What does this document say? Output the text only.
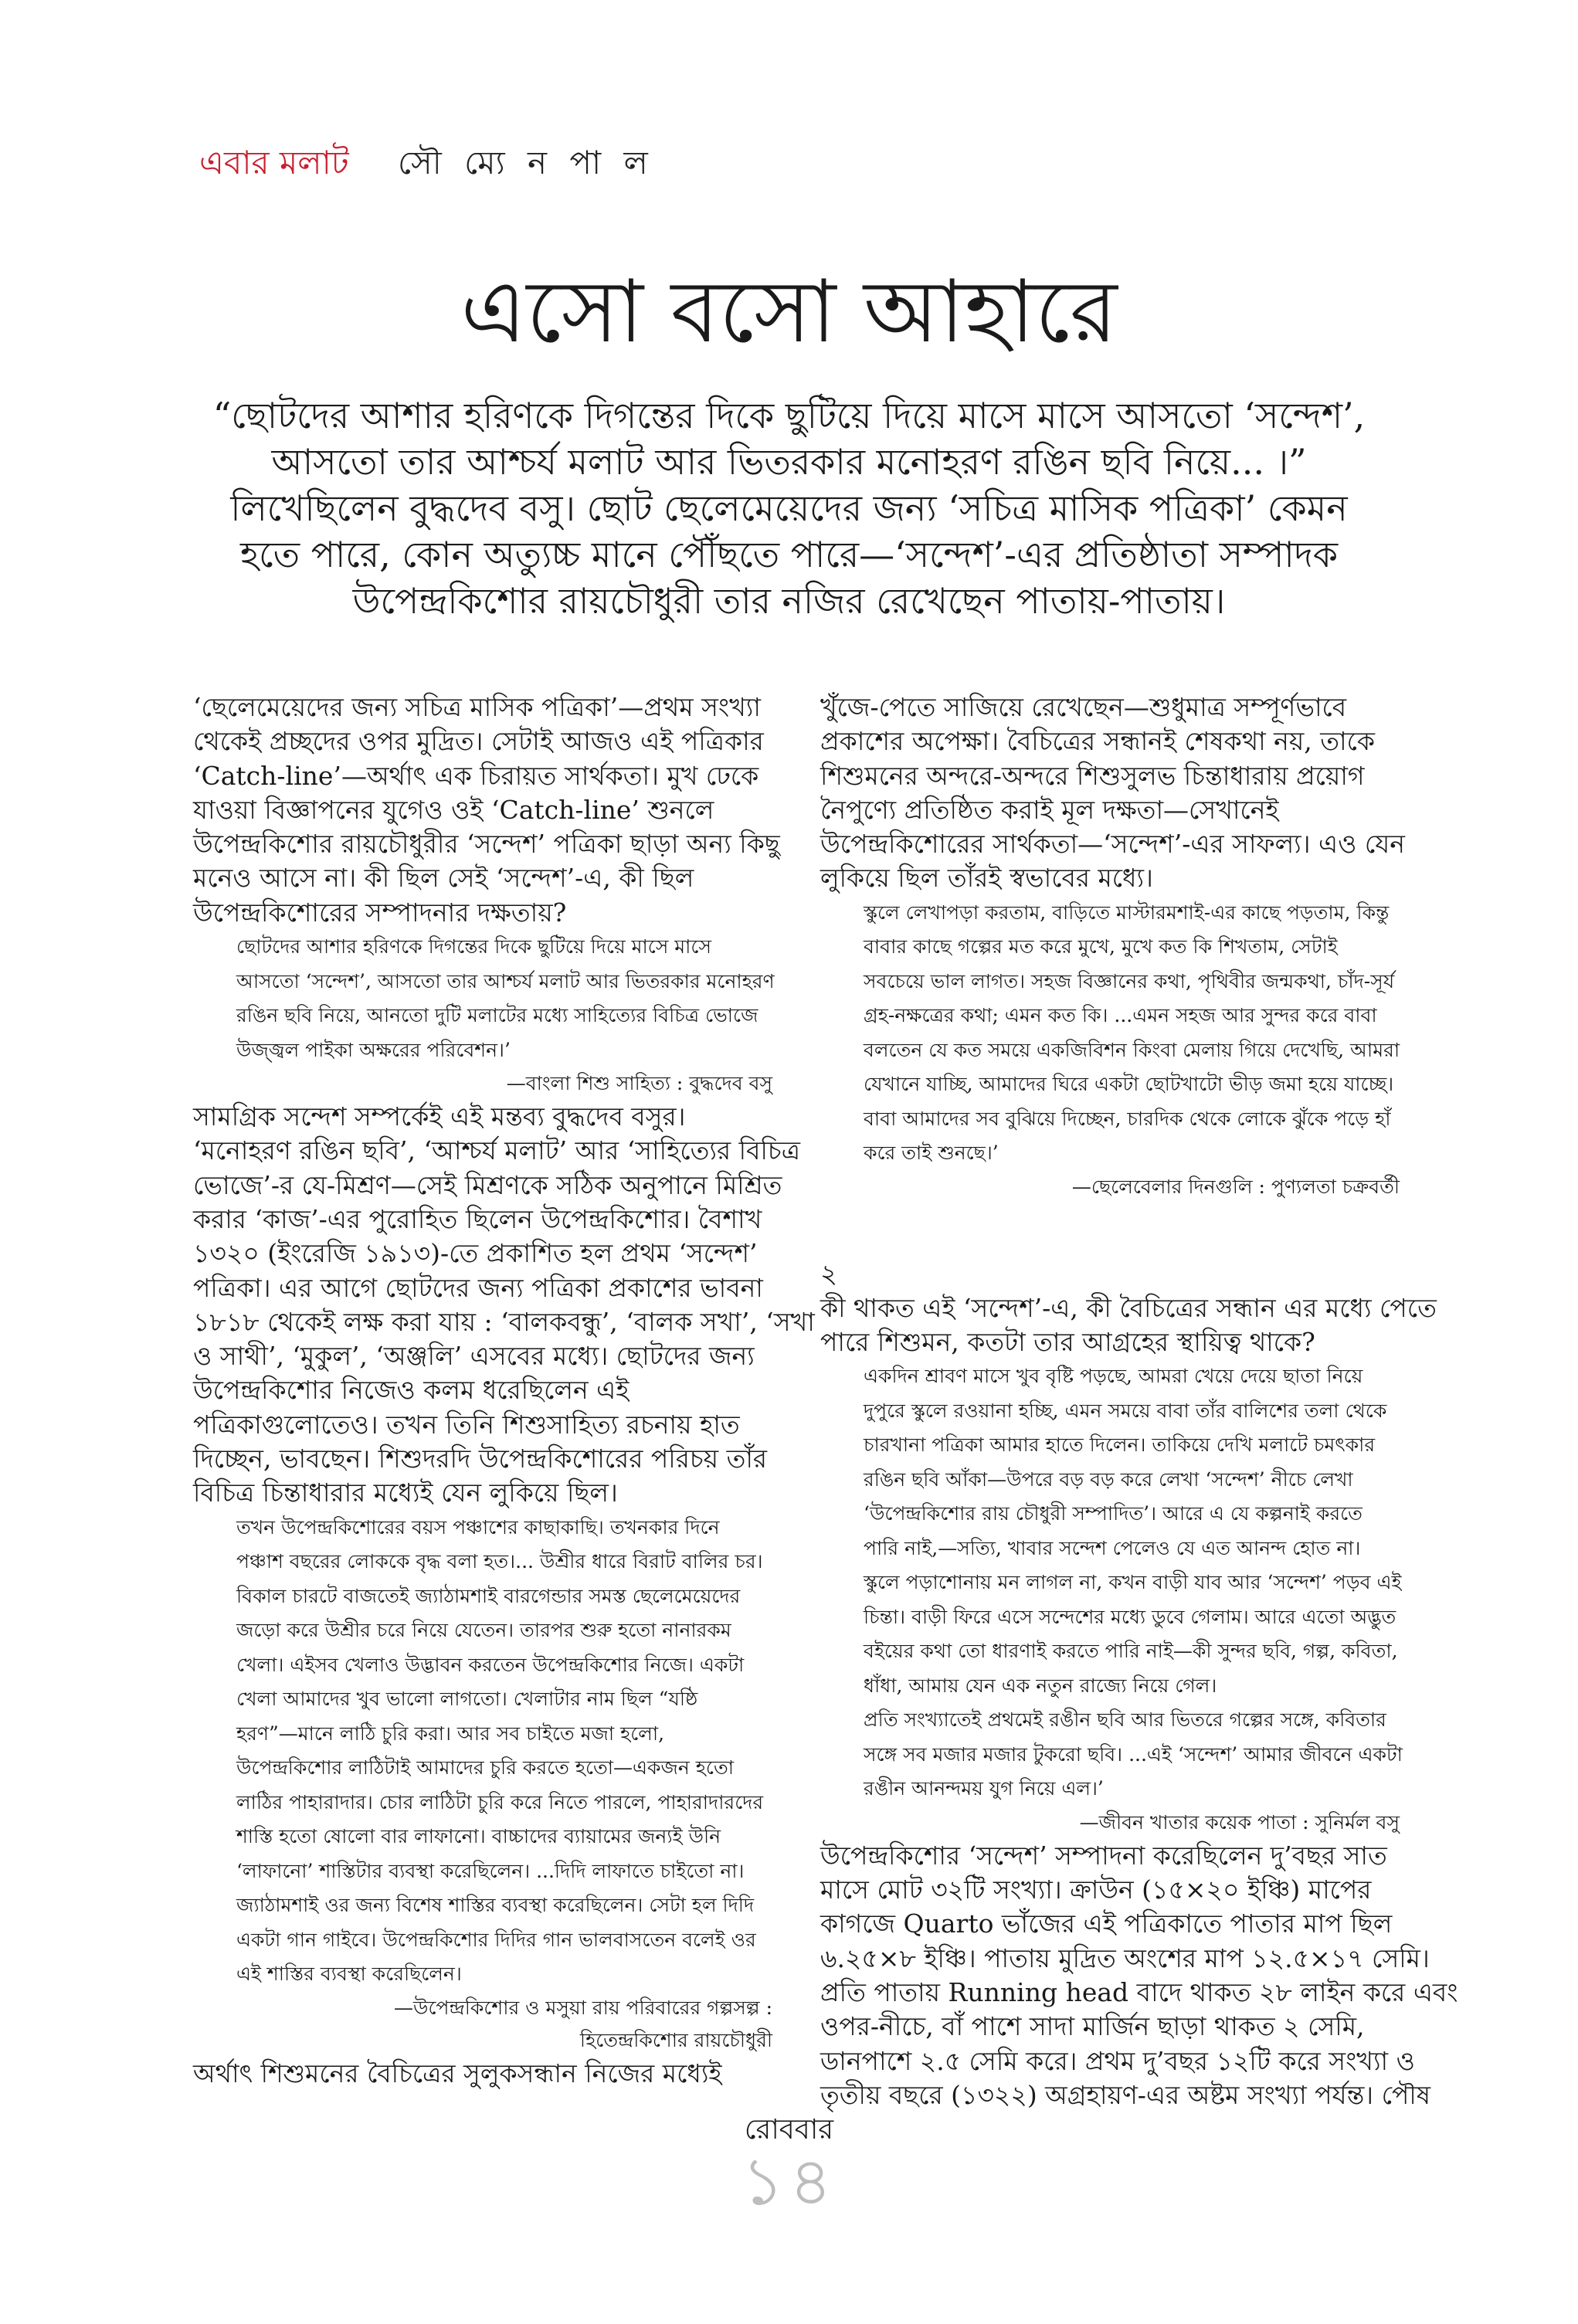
এবার মলাট সৌ ম্যে ন পা ল
এসো বসো আহারে
“ছোটদের আশার হরিণকে দিগন্তের দিকে ছুটিয়ে দিয়ে মাসে মাসে আসতো ‘সন্দেশ’,
আসতো তার আশ্চর্য মলাট আর ভিতরকার মনোহরণ রঙিন ছবি নিয়ে... ।”
লিখেছিলেন বুদ্ধদেব বসু। ছোট ছেলেমেয়েদের জন্য ‘সচিত্র মাসিক পত্রিকা’ কেমন
হতে পারে, কোন অত্যুচ্চ মানে পৌঁছতে পারে—‘সন্দেশ’-এর প্রতিষ্ঠাতা সম্পাদক
উপেন্দ্রকিশোর রায়চৌধুরী তার নজির রেখেছেন পাতায়-পাতায়।
‘ছেলেমেয়েদের জন্য সচিত্র মাসিক পত্রিকা’—প্রথম সংখ্যা
থেকেই প্রচ্ছদের ওপর মুদ্রিত। সেটাই আজও এই পত্রিকার
‘Catch-line’—অর্থাৎ এক চিরায়ত সার্থকতা। মুখ ঢেকে
যাওয়া বিজ্ঞাপনের যুগেও ওই ‘Catch-line’ শুনলে
উপেন্দ্রকিশোর রায়চৌধুরীর ‘সন্দেশ’ পত্রিকা ছাড়া অন্য কিছু
মনেও আসে না। কী ছিল সেই ‘সন্দেশ’-এ, কী ছিল
উপেন্দ্রকিশোরের সম্পাদনার দক্ষতায়?
ছোটদের আশার হরিণকে দিগন্তের দিকে ছুটিয়ে দিয়ে মাসে মাসে
আসতো ‘সন্দেশ’, আসতো তার আশ্চর্য মলাট আর ভিতরকার মনোহরণ
রঙিন ছবি নিয়ে, আনতো দুটি মলাটের মধ্যে সাহিত্যের বিচিত্র ভোজে
উজ্জ্বল পাইকা অক্ষরের পরিবেশন।’
—বাংলা শিশু সাহিত্য : বুদ্ধদেব বসু
সামগ্রিক সন্দেশ সম্পর্কেই এই মন্তব্য বুদ্ধদেব বসুর।
‘মনোহরণ রঙিন ছবি’, ‘আশ্চর্য মলাট’ আর ‘সাহিত্যের বিচিত্র
ভোজে’-র যে-মিশ্রণ—সেই মিশ্রণকে সঠিক অনুপানে মিশ্রিত
করার ‘কাজ’-এর পুরোহিত ছিলেন উপেন্দ্রকিশোর। বৈশাখ
১৩২০ (ইংরেজি ১৯১৩)-তে প্রকাশিত হল প্রথম ‘সন্দেশ’
পত্রিকা। এর আগে ছোটদের জন্য পত্রিকা প্রকাশের ভাবনা
১৮১৮ থেকেই লক্ষ করা যায় : ‘বালকবন্ধু’, ‘বালক সখা’, ‘সখা
ও সাথী’, ‘মুকুল’, ‘অঞ্জলি’ এসবের মধ্যে। ছোটদের জন্য
উপেন্দ্রকিশোর নিজেও কলম ধরেছিলেন এই
পত্রিকাগুলোতেও। তখন তিনি শিশুসাহিত্য রচনায় হাত
দিচ্ছেন, ভাবছেন। শিশুদরদি উপেন্দ্রকিশোরের পরিচয় তাঁর
বিচিত্র চিন্তাধারার মধ্যেই যেন লুকিয়ে ছিল।
তখন উপেন্দ্রকিশোরের বয়স পঞ্চাশের কাছাকাছি। তখনকার দিনে
পঞ্চাশ বছরের লোককে বৃদ্ধ বলা হত।... উশ্রীর ধারে বিরাট বালির চর।
বিকাল চারটে বাজতেই জ্যাঠামশাই বারগেন্ডার সমস্ত ছেলেমেয়েদের
জড়ো করে উশ্রীর চরে নিয়ে যেতেন। তারপর শুরু হতো নানারকম
খেলা। এইসব খেলাও উদ্ভাবন করতেন উপেন্দ্রকিশোর নিজে। একটা
খেলা আমাদের খুব ভালো লাগতো। খেলাটার নাম ছিল “যষ্ঠি
হরণ”—মানে লাঠি চুরি করা। আর সব চাইতে মজা হলো,
উপেন্দ্রকিশোর লাঠিটাই আমাদের চুরি করতে হতো—একজন হতো
লাঠির পাহারাদার। চোর লাঠিটা চুরি করে নিতে পারলে, পাহারাদারদের
শাস্তি হতো ষোলো বার লাফানো। বাচ্চাদের ব্যায়ামের জন্যই উনি
‘লাফানো’ শাস্তিটার ব্যবস্থা করেছিলেন। ...দিদি লাফাতে চাইতো না।
জ্যাঠামশাই ওর জন্য বিশেষ শাস্তির ব্যবস্থা করেছিলেন। সেটা হল দিদি
একটা গান গাইবে। উপেন্দ্রকিশোর দিদির গান ভালবাসতেন বলেই ওর
এই শাস্তির ব্যবস্থা করেছিলেন।
—উপেন্দ্রকিশোর ও মসুয়া রায় পরিবারের গল্পসল্প :
হিতেন্দ্রকিশোর রায়চৌধুরী
অর্থাৎ শিশুমনের বৈচিত্রের সুলুকসন্ধান নিজের মধ্যেই
খুঁজে-পেতে সাজিয়ে রেখেছেন—শুধুমাত্র সম্পূর্ণভাবে
প্রকাশের অপেক্ষা। বৈচিত্রের সন্ধানই শেষকথা নয়, তাকে
শিশুমনের অন্দরে-অন্দরে শিশুসুলভ চিন্তাধারায় প্রয়োগ
নৈপুণ্যে প্রতিষ্ঠিত করাই মূল দক্ষতা—সেখানেই
উপেন্দ্রকিশোরের সার্থকতা—‘সন্দেশ’-এর সাফল্য। এও যেন
লুকিয়ে ছিল তাঁরই স্বভাবের মধ্যে।
স্কুলে লেখাপড়া করতাম, বাড়িতে মাস্টারমশাই-এর কাছে পড়তাম, কিন্তু
বাবার কাছে গল্পের মত করে মুখে, মুখে কত কি শিখতাম, সেটাই
সবচেয়ে ভাল লাগত। সহজ বিজ্ঞানের কথা, পৃথিবীর জন্মকথা, চাঁদ-সূর্য
গ্রহ-নক্ষত্রের কথা; এমন কত কি। ...এমন সহজ আর সুন্দর করে বাবা
বলতেন যে কত সময়ে একজিবিশন কিংবা মেলায় গিয়ে দেখেছি, আমরা
যেখানে যাচ্ছি, আমাদের ঘিরে একটা ছোটখাটো ভীড় জমা হয়ে যাচ্ছে।
বাবা আমাদের সব বুঝিয়ে দিচ্ছেন, চারদিক থেকে লোকে ঝুঁকে পড়ে হাঁ
করে তাই শুনছে।’
—ছেলেবেলার দিনগুলি : পুণ্যলতা চক্রবর্তী
২
কী থাকত এই ‘সন্দেশ’-এ, কী বৈচিত্রের সন্ধান এর মধ্যে পেতে
পারে শিশুমন, কতটা তার আগ্রহের স্থায়িত্ব থাকে?
একদিন শ্রাবণ মাসে খুব বৃষ্টি পড়ছে, আমরা খেয়ে দেয়ে ছাতা নিয়ে
দুপুরে স্কুলে রওয়ানা হচ্ছি, এমন সময়ে বাবা তাঁর বালিশের তলা থেকে
চারখানা পত্রিকা আমার হাতে দিলেন। তাকিয়ে দেখি মলাটে চমৎকার
রঙিন ছবি আঁকা—উপরে বড় বড় করে লেখা ‘সন্দেশ’ নীচে লেখা
‘উপেন্দ্রকিশোর রায় চৌধুরী সম্পাদিত’। আরে এ যে কল্পনাই করতে
পারি নাই,—সত্যি, খাবার সন্দেশ পেলেও যে এত আনন্দ হোত না।
স্কুলে পড়াশোনায় মন লাগল না, কখন বাড়ী যাব আর ‘সন্দেশ’ পড়ব এই
চিন্তা। বাড়ী ফিরে এসে সন্দেশের মধ্যে ডুবে গেলাম। আরে এতো অদ্ভুত
বইয়ের কথা তো ধারণাই করতে পারি নাই—কী সুন্দর ছবি, গল্প, কবিতা,
ধাঁধা, আমায় যেন এক নতুন রাজ্যে নিয়ে গেল।
প্রতি সংখ্যাতেই প্রথমেই রঙীন ছবি আর ভিতরে গল্পের সঙ্গে, কবিতার
সঙ্গে সব মজার মজার টুকরো ছবি। ...এই ‘সন্দেশ’ আমার জীবনে একটা
রঙীন আনন্দময় যুগ নিয়ে এল।’
—জীবন খাতার কয়েক পাতা : সুনির্মল বসু
উপেন্দ্রকিশোর ‘সন্দেশ’ সম্পাদনা করেছিলেন দু’বছর সাত
মাসে মোট ৩২টি সংখ্যা। ক্রাউন (১৫×২০ ইঞ্চি) মাপের
কাগজে Quarto ভাঁজের এই পত্রিকাতে পাতার মাপ ছিল
৬.২৫×৮ ইঞ্চি। পাতায় মুদ্রিত অংশের মাপ ১২.৫×১৭ সেমি।
প্রতি পাতায় Running head বাদে থাকত ২৮ লাইন করে এবং
ওপর-নীচে, বাঁ পাশে সাদা মার্জিন ছাড়া থাকত ২ সেমি,
ডানপাশে ২.৫ সেমি করে। প্রথম দু’বছর ১২টি করে সংখ্যা ও
তৃতীয় বছরে (১৩২২) অগ্রহায়ণ-এর অষ্টম সংখ্যা পর্যন্ত। পৌষ
রোববার
১৪
